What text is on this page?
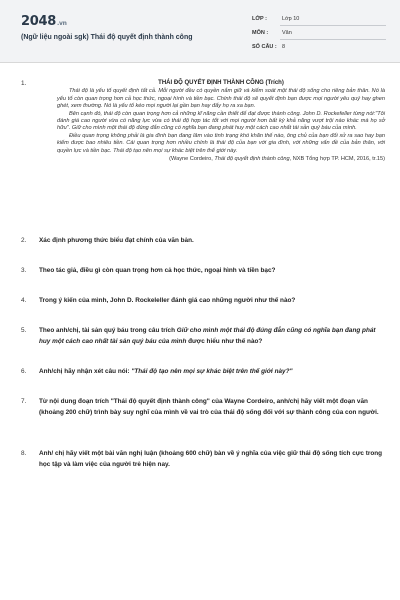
2048.vn
(Ngữ liệu ngoài sgk) Thái độ quyết định thành công
LỚP :	Lớp 10
MÔN :	Văn
SỐ CÂU : 8
1.	THÁI ĐỘ QUYẾT ĐỊNH THÀNH CÔNG (Trích)

Thái độ là yếu tố quyết định tất cả. Mỗi người đều có quyền nắm giữ và kiểm soát một thái độ sống cho riêng bản thân. Nó là yếu tố còn quan trọng hơn cả học thức, ngoại hình và tiền bạc. Chính thái độ sẽ quyết định bạn được mọi người yêu quý hay ghen ghét, xem thường. Nó là yếu tố kéo mọi người lại gần bạn hay đẩy họ ra xa bạn.

Bên cạnh đó, thái độ còn quan trọng hơn cả những kĩ năng cần thiết để đạt được thành công. John D. Rockefeller từng nói:"Tôi đánh giá cao người vừa có năng lực vừa có thái độ hợp tác tốt với mọi người hơn bất kỳ khả năng vượt trội nào khác mà họ sở hữu". Giữ cho mình một thái độ đúng đắn cũng có nghĩa bạn đang phát huy một cách cao nhất tài sản quý báu của mình.

Điều quan trọng không phải là gia đình bạn đang lâm vào tình trạng khó khăn thế nào, ông chủ của bạn đối xử ra sao hay bạn kiếm được bao nhiêu tiền. Cái quan trọng hơn nhiều chính là thái độ của bạn với gia đình, với những vấn đề của bản thân, với quyền lực và tiền bạc. Thái độ tạo nên mọi sự khác biệt trên thế giới này.

(Wayne Cordeiro, Thái độ quyết định thành công, NXB Tổng hợp TP. HCM, 2016, tr.15)

2. Xác định phương thức biểu đạt chính của văn bản.
3. Theo tác giả, điều gì còn quan trọng hơn cả học thức, ngoại hình và tiền bạc?
4. Trong ý kiến của mình, John D. Rockeleller đánh giá cao những người như thế nào?
5. Theo anh/chị, tài sản quý báu trong câu trích Giữ cho mình một thái độ đúng đắn cũng có nghĩa bạn đang phát huy một cách cao nhất tài sản quý báu của mình được hiểu như thế nào?
6. Anh/chị hãy nhận xét câu nói: "Thái độ tạo nên mọi sự khác biệt trên thế giới này?"
7. Từ nội dung đoạn trích "Thái độ quyết định thành công" của Wayne Cordeiro, anh/chị hãy viết một đoạn văn (khoảng 200 chữ) trình bày suy nghĩ của mình về vai trò của thái độ sống đối với sự thành công của con người.
8. Anh/ chị hãy viết một bài văn nghị luận (khoảng 600 chữ) bàn về ý nghĩa của việc giữ thái độ sống tích cực trong học tập và làm việc của người trẻ hiện nay.
